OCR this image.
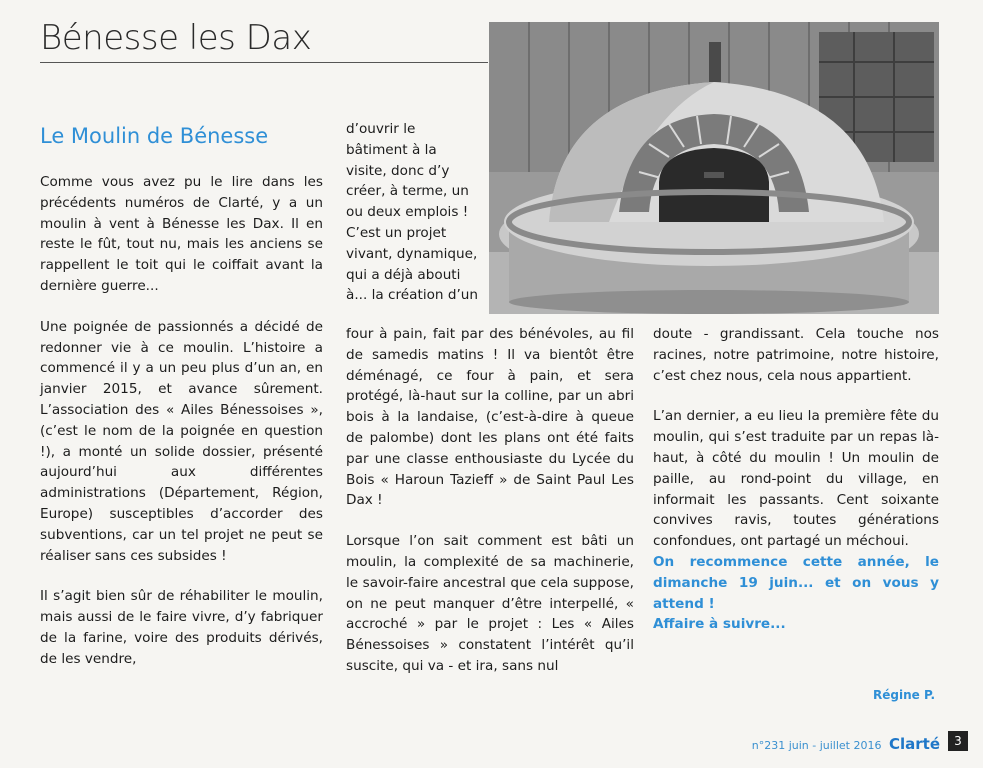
Bénesse les Dax
Le Moulin de Bénesse

Comme vous avez pu le lire dans les précédents numéros de Clarté, y a un moulin à vent à Bénesse les Dax. Il en reste le fût, tout nu, mais les anciens se rappellent le toit qui le coiffait avant la dernière guerre...

Une poignée de passionnés a décidé de redonner vie à ce moulin. L’histoire a commencé il y a un peu plus d’un an, en janvier 2015, et avance sûrement. L’association des « Ailes Bénessoises », (c’est le nom de la poignée en question !), a monté un solide dossier, présenté aujourd’hui aux différentes administrations (Département, Région, Europe) susceptibles d’accorder des subventions, car un tel projet ne peut se réaliser sans ces subsides !

Il s’agit bien sûr de réhabiliter le moulin, mais aussi de le faire vivre, d’y fabriquer de la farine, voire des produits dérivés, de les vendre,

d’ouvrir le bâtiment à la visite, donc d’y créer, à terme, un ou deux emplois ! C’est un projet vivant, dynamique, qui a déjà abouti à... la création d’un

four à pain, fait par des bénévoles, au fil de samedis matins ! Il va bientôt être déménagé, ce four à pain, et sera protégé, là-haut sur la colline, par un abri bois à la landaise, (c’est-à-dire à queue de palombe) dont les plans ont été faits par une classe enthousiaste du Lycée du Bois « Haroun Tazieff » de Saint Paul Les Dax !

Lorsque l’on sait comment est bâti un moulin, la complexité de sa machinerie, le savoir-faire ancestral que cela suppose, on ne peut manquer d’être interpellé, « accroché » par le projet : Les « Ailes Bénessoises » constatent l’intérêt qu’il suscite, qui va - et ira, sans nul

doute - grandissant. Cela touche nos racines, notre patrimoine, notre histoire, c’est chez nous, cela nous appartient.

L’an dernier, a eu lieu la première fête du moulin, qui s’est traduite par un repas là-haut, à côté du moulin ! Un moulin de paille, au rond-point du village, en informait les passants. Cent soixante convives ravis, toutes générations confondues, ont partagé un méchoui.

On recommence cette année, le dimanche 19 juin... et on vous y attend !

Affaire à suivre...

Régine P.
n°231 juin - juillet 2016 Clarté	3
